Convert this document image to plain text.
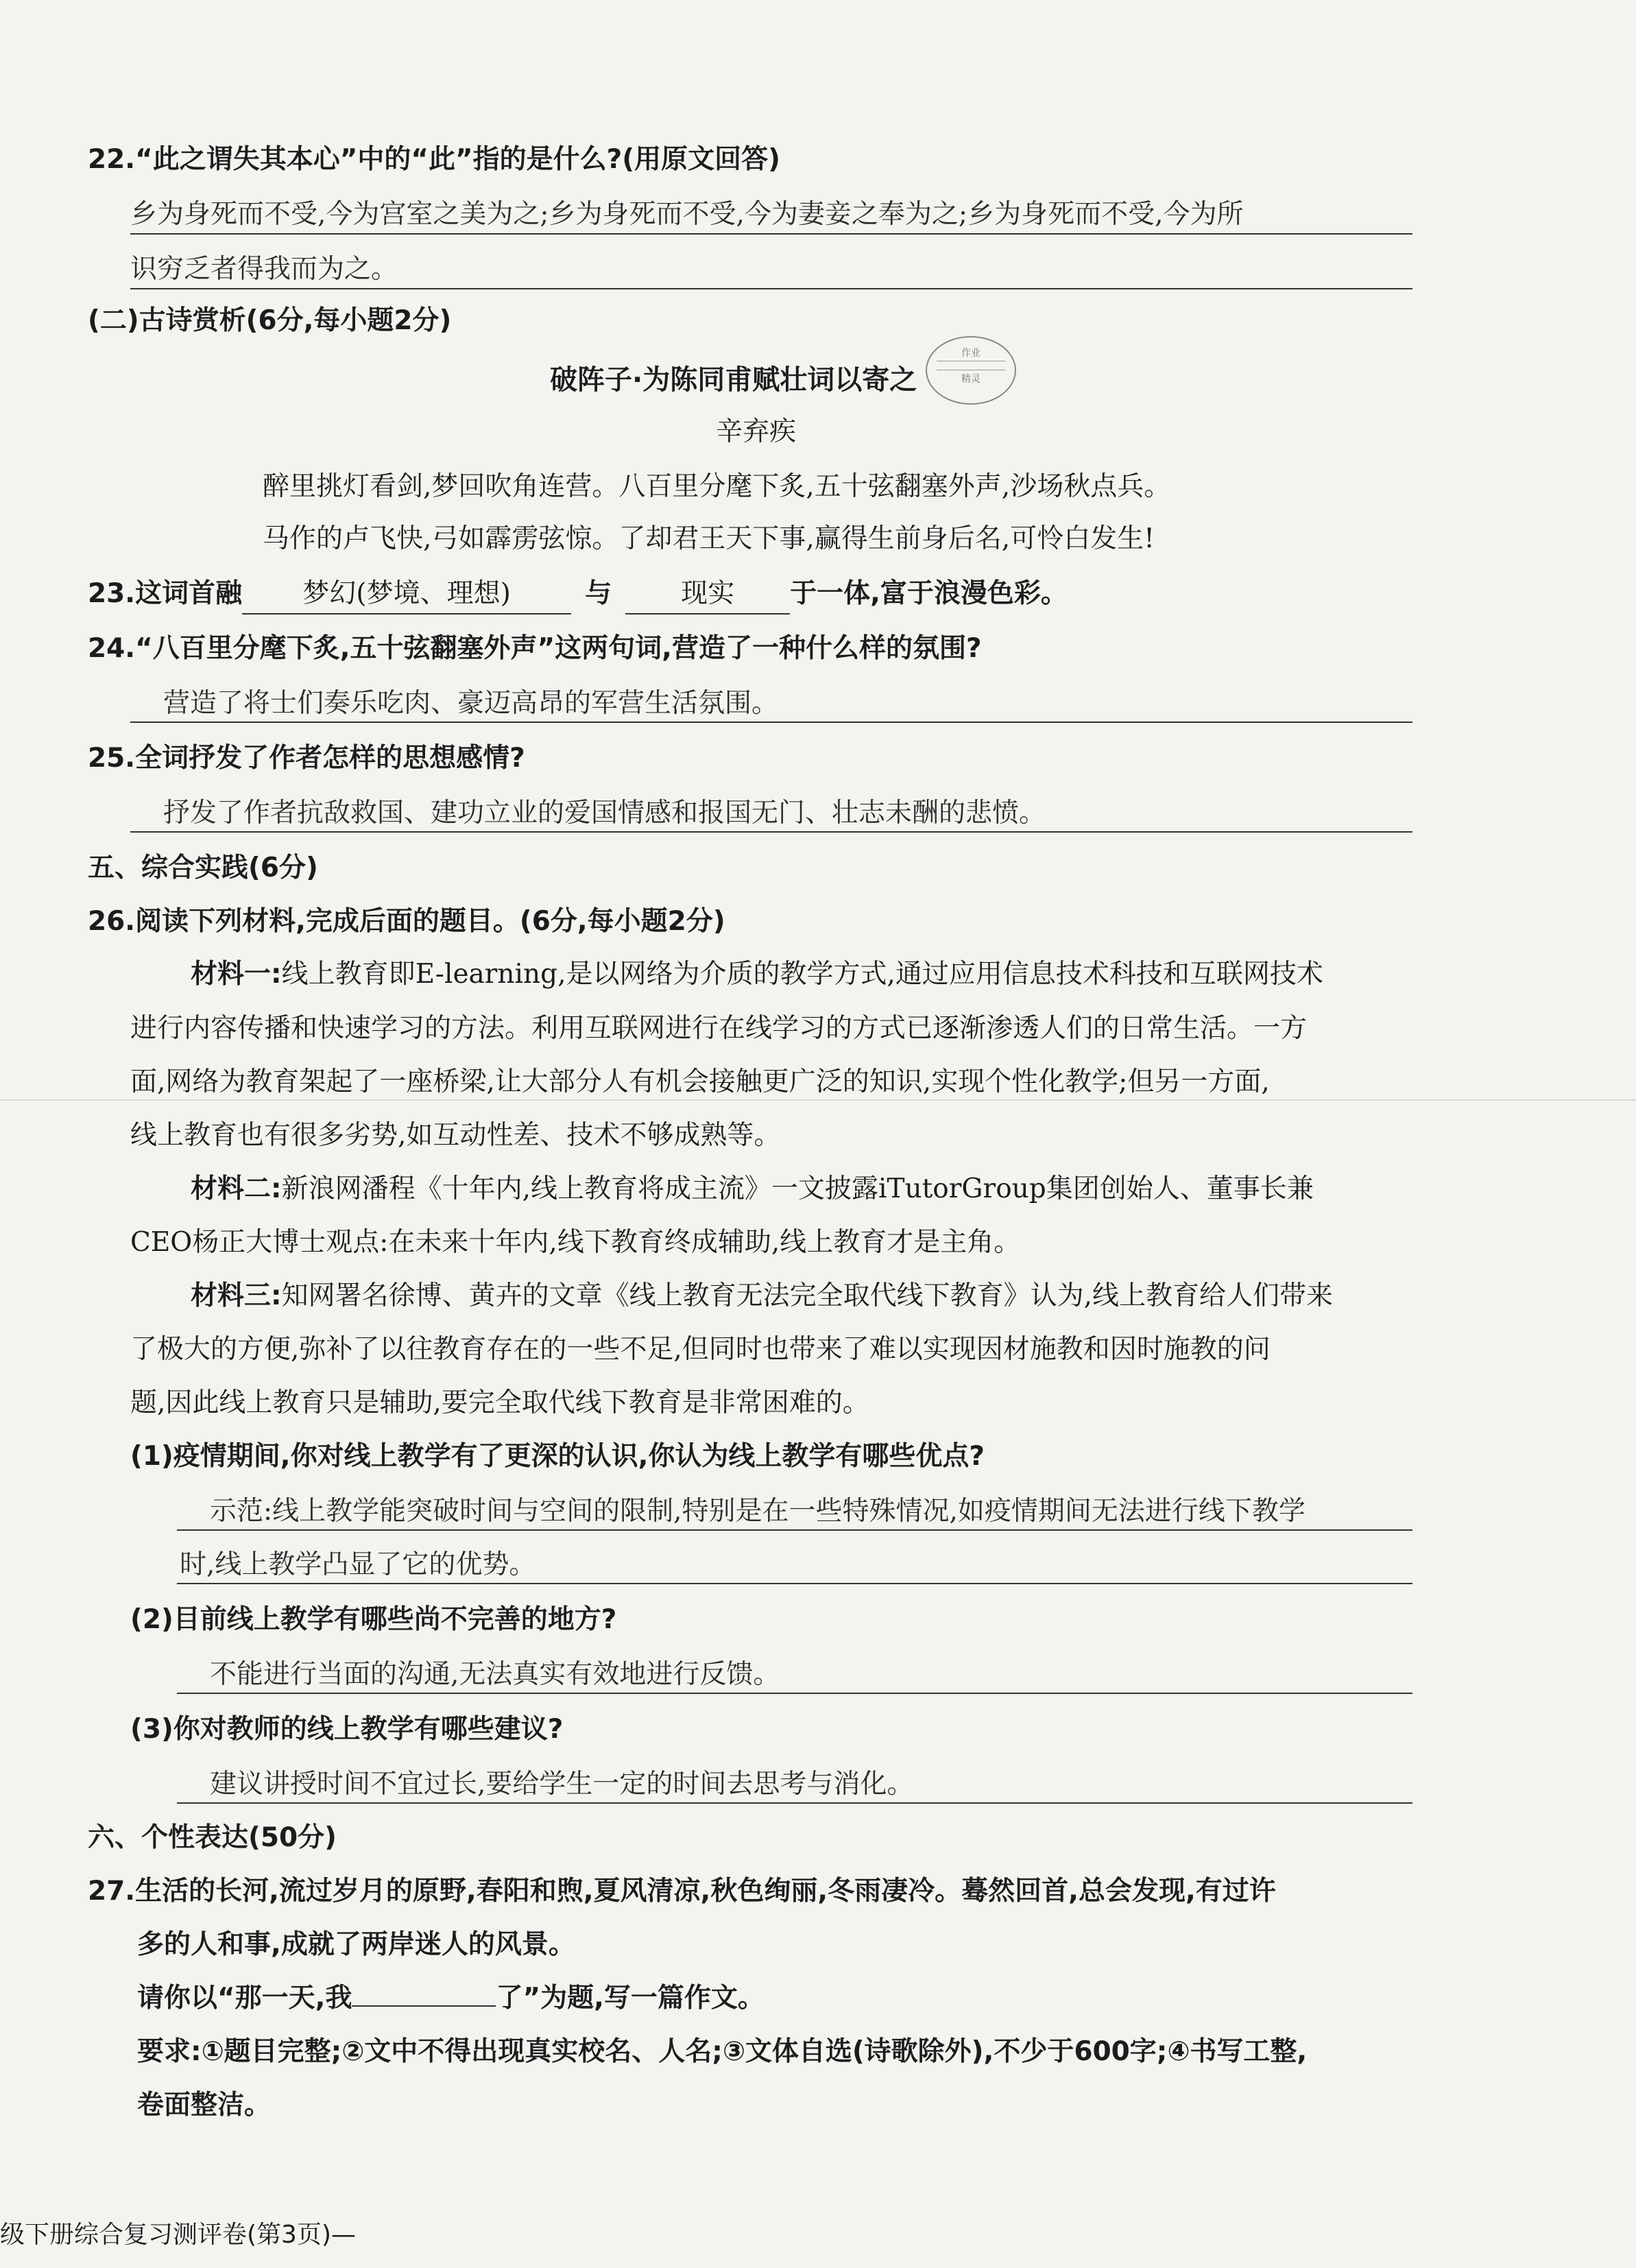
22.“此之谓失其本心”中的“此”指的是什么?(用原文回答)
乡为身死而不受,今为宫室之美为之;乡为身死而不受,今为妻妾之奉为之;乡为身死而不受,今为所
识穷乏者得我而为之。
(二)古诗赏析(6分,每小题2分)
破阵子·为陈同甫赋壮词以寄之
作业
精灵
辛弃疾
醉里挑灯看剑,梦回吹角连营。八百里分麾下炙,五十弦翻塞外声,沙场秋点兵。
马作的卢飞快,弓如霹雳弦惊。了却君王天下事,赢得生前身后名,可怜白发生!
23.这词首融 梦幻(梦境、理想)	与	现实 于一体,富于浪漫色彩。
24.“八百里分麾下炙,五十弦翻塞外声”这两句词,营造了一种什么样的氛围?
营造了将士们奏乐吃肉、豪迈高昂的军营生活氛围。
25.全词抒发了作者怎样的思想感情?
抒发了作者抗敌救国、建功立业的爱国情感和报国无门、壮志未酬的悲愤。
五、综合实践(6分)
26.阅读下列材料,完成后面的题目。(6分,每小题2分)
材料一:线上教育即E-learning,是以网络为介质的教学方式,通过应用信息技术科技和互联网技术
进行内容传播和快速学习的方法。利用互联网进行在线学习的方式已逐渐渗透人们的日常生活。一方
面,网络为教育架起了一座桥梁,让大部分人有机会接触更广泛的知识,实现个性化教学;但另一方面,
线上教育也有很多劣势,如互动性差、技术不够成熟等。
材料二:新浪网潘程《十年内,线上教育将成主流》一文披露iTutorGroup集团创始人、董事长兼
CEO杨正大博士观点:在未来十年内,线下教育终成辅助,线上教育才是主角。
材料三:知网署名徐博、黄卉的文章《线上教育无法完全取代线下教育》认为,线上教育给人们带来
了极大的方便,弥补了以往教育存在的一些不足,但同时也带来了难以实现因材施教和因时施教的问
题,因此线上教育只是辅助,要完全取代线下教育是非常困难的。
(1)疫情期间,你对线上教学有了更深的认识,你认为线上教学有哪些优点?
示范:线上教学能突破时间与空间的限制,特别是在一些特殊情况,如疫情期间无法进行线下教学
时,线上教学凸显了它的优势。
(2)目前线上教学有哪些尚不完善的地方?
不能进行当面的沟通,无法真实有效地进行反馈。
(3)你对教师的线上教学有哪些建议?
建议讲授时间不宜过长,要给学生一定的时间去思考与消化。
六、个性表达(50分)
27.生活的长河,流过岁月的原野,春阳和煦,夏风清凉,秋色绚丽,冬雨凄冷。蓦然回首,总会发现,有过许
多的人和事,成就了两岸迷人的风景。
请你以“那一天,我	了”为题,写一篇作文。
要求:①题目完整;②文中不得出现真实校名、人名;③文体自选(诗歌除外),不少于600字;④书写工整,
卷面整洁。
级下册综合复习测评卷(第3页)—
